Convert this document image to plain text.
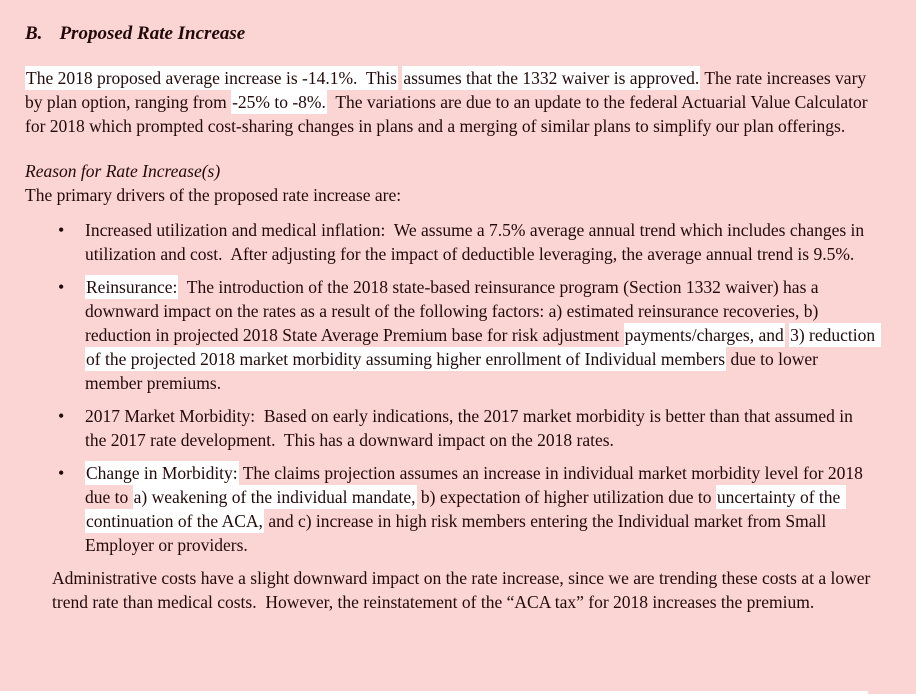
B. Proposed Rate Increase

The 2018 proposed average increase is -14.1%.  This assumes that the 1332 waiver is approved. The rate increases vary by plan option, ranging from -25% to -8%.  The variations are due to an update to the federal Actuarial Value Calculator for 2018 which prompted cost-sharing changes in plans and a merging of similar plans to simplify our plan offerings.

Reason for Rate Increase(s)

The primary drivers of the proposed rate increase are:

• Increased utilization and medical inflation:  We assume a 7.5% average annual trend which includes changes in utilization and cost.  After adjusting for the impact of deductible leveraging, the average annual trend is 9.5%.
• Reinsurance:  The introduction of the 2018 state-based reinsurance program (Section 1332 waiver) has a downward impact on the rates as a result of the following factors: a) estimated reinsurance recoveries, b) reduction in projected 2018 State Average Premium base for risk adjustment payments/charges, and 3) reduction of the projected 2018 market morbidity assuming higher enrollment of Individual members due to lower member premiums.
• 2017 Market Morbidity:  Based on early indications, the 2017 market morbidity is better than that assumed in the 2017 rate development.  This has a downward impact on the 2018 rates.
• Change in Morbidity: The claims projection assumes an increase in individual market morbidity level for 2018 due to a) weakening of the individual mandate, b) expectation of higher utilization due to uncertainty of the continuation of the ACA, and c) increase in high risk members entering the Individual market from Small Employer or providers.

Administrative costs have a slight downward impact on the rate increase, since we are trending these costs at a lower trend rate than medical costs.  However, the reinstatement of the “ACA tax” for 2018 increases the premium.
